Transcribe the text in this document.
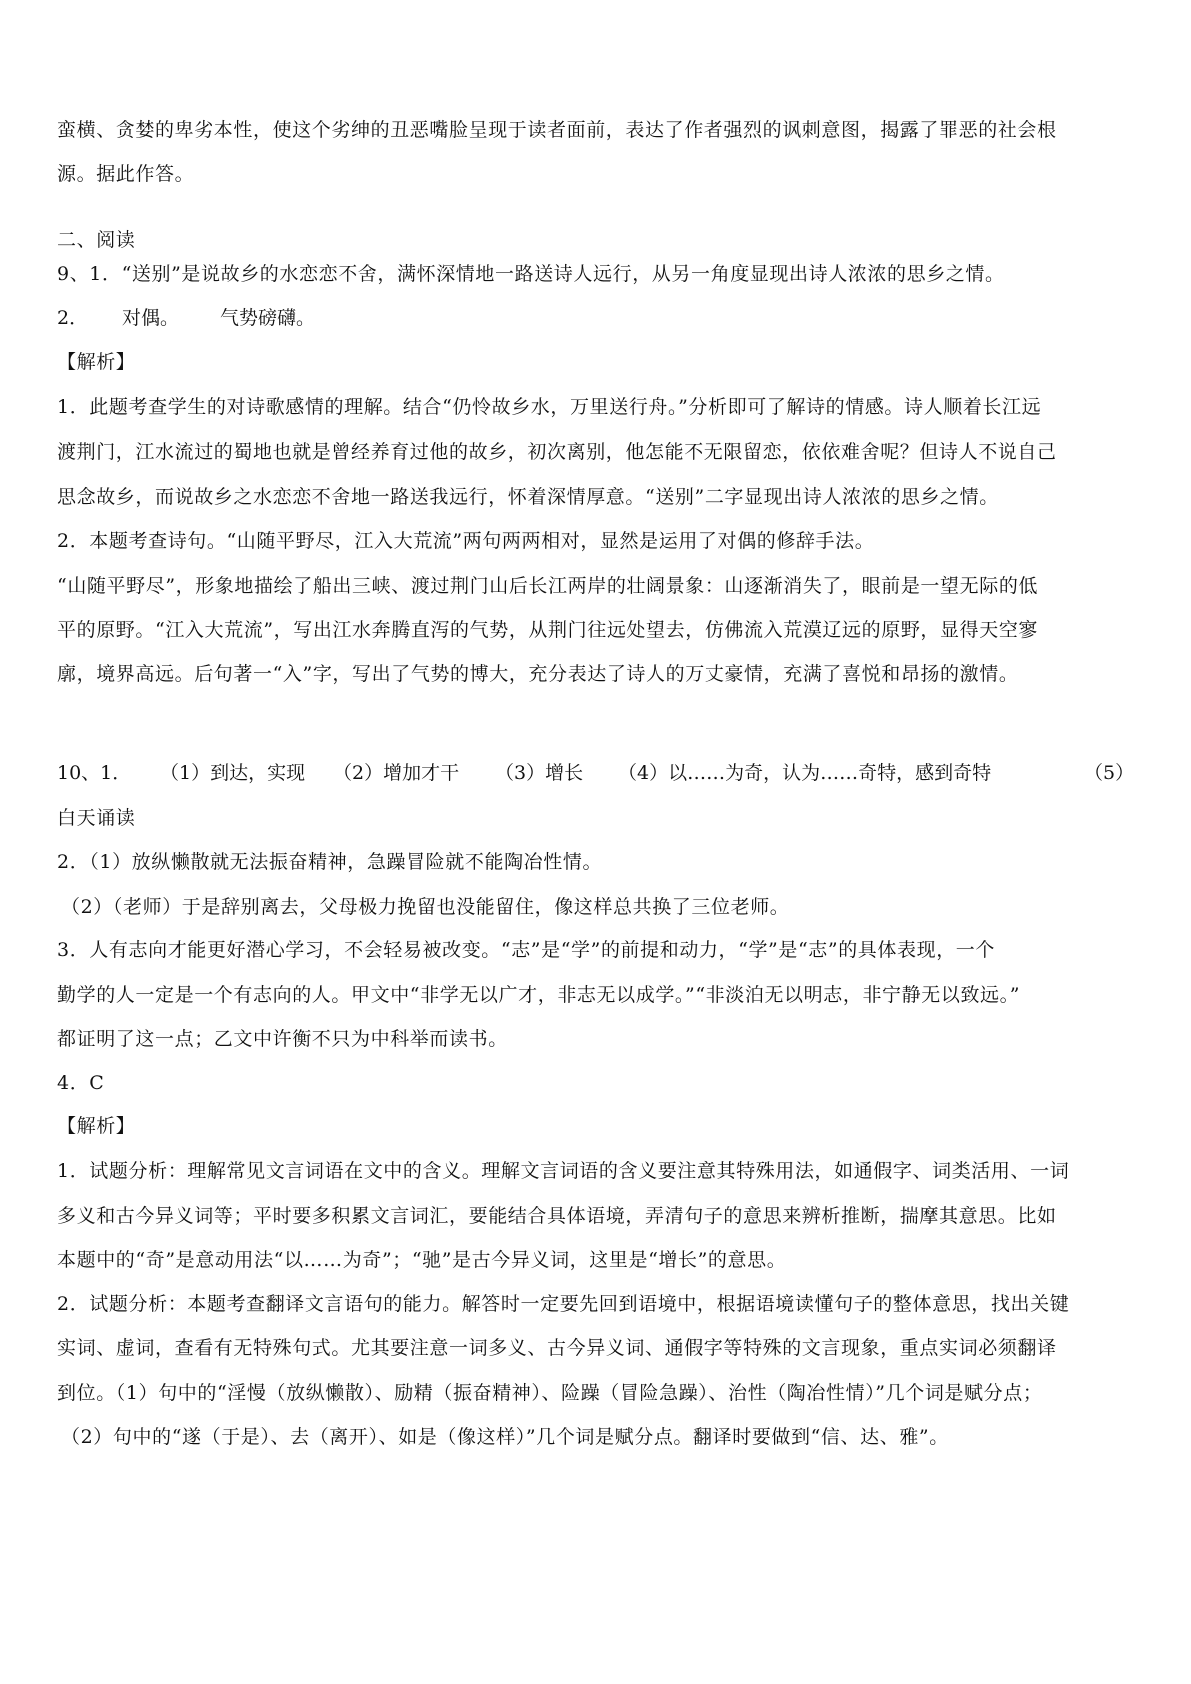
蛮横、贪婪的卑劣本性，使这个劣绅的丑恶嘴脸呈现于读者面前，表达了作者强烈的讽刺意图，揭露了罪恶的社会根
源。据此作答。
二、阅读
9、1．“送别”是说故乡的水恋恋不舍，满怀深情地一路送诗人远行，从另一角度显现出诗人浓浓的思乡之情。
2． 对偶。 气势磅礴。
【解析】
1．此题考查学生的对诗歌感情的理解。结合“仍怜故乡水，万里送行舟。”分析即可了解诗的情感。诗人顺着长江远
渡荆门，江水流过的蜀地也就是曾经养育过他的故乡，初次离别，他怎能不无限留恋，依依难舍呢？但诗人不说自己
思念故乡，而说故乡之水恋恋不舍地一路送我远行，怀着深情厚意。“送别”二字显现出诗人浓浓的思乡之情。
2．本题考查诗句。“山随平野尽，江入大荒流”两句两两相对，显然是运用了对偶的修辞手法。
“山随平野尽”，形象地描绘了船出三峡、渡过荆门山后长江两岸的壮阔景象：山逐渐消失了，眼前是一望无际的低
平的原野。“江入大荒流”，写出江水奔腾直泻的气势，从荆门往远处望去，仿佛流入荒漠辽远的原野，显得天空寥
廓，境界高远。后句著一“入”字，写出了气势的博大，充分表达了诗人的万丈豪情，充满了喜悦和昂扬的激情。
10、1． （1）到达，实现 （2）增加才干 （3）增长 （4）以……为奇，认为……奇特，感到奇特	（5）
白天诵读
2．（1）放纵懒散就无法振奋精神，急躁冒险就不能陶冶性情。
（2）（老师）于是辞别离去，父母极力挽留也没能留住，像这样总共换了三位老师。
3．人有志向才能更好潜心学习，不会轻易被改变。“志”是“学”的前提和动力，“学”是“志”的具体表现，一个
勤学的人一定是一个有志向的人。甲文中“非学无以广才，非志无以成学。”“非淡泊无以明志，非宁静无以致远。”
都证明了这一点；乙文中许衡不只为中科举而读书。
4．C
【解析】
1．试题分析：理解常见文言词语在文中的含义。理解文言词语的含义要注意其特殊用法，如通假字、词类活用、一词
多义和古今异义词等；平时要多积累文言词汇，要能结合具体语境，弄清句子的意思来辨析推断，揣摩其意思。比如
本题中的“奇”是意动用法“以……为奇”；“驰”是古今异义词，这里是“增长”的意思。
2．试题分析：本题考查翻译文言语句的能力。解答时一定要先回到语境中，根据语境读懂句子的整体意思，找出关键
实词、虚词，查看有无特殊句式。尤其要注意一词多义、古今异义词、通假字等特殊的文言现象，重点实词必须翻译
到位。（1）句中的“淫慢（放纵懒散）、励精（振奋精神）、险躁（冒险急躁）、治性（陶冶性情）”几个词是赋分点；
（2）句中的“遂（于是）、去（离开）、如是（像这样）”几个词是赋分点。翻译时要做到“信、达、雅”。
